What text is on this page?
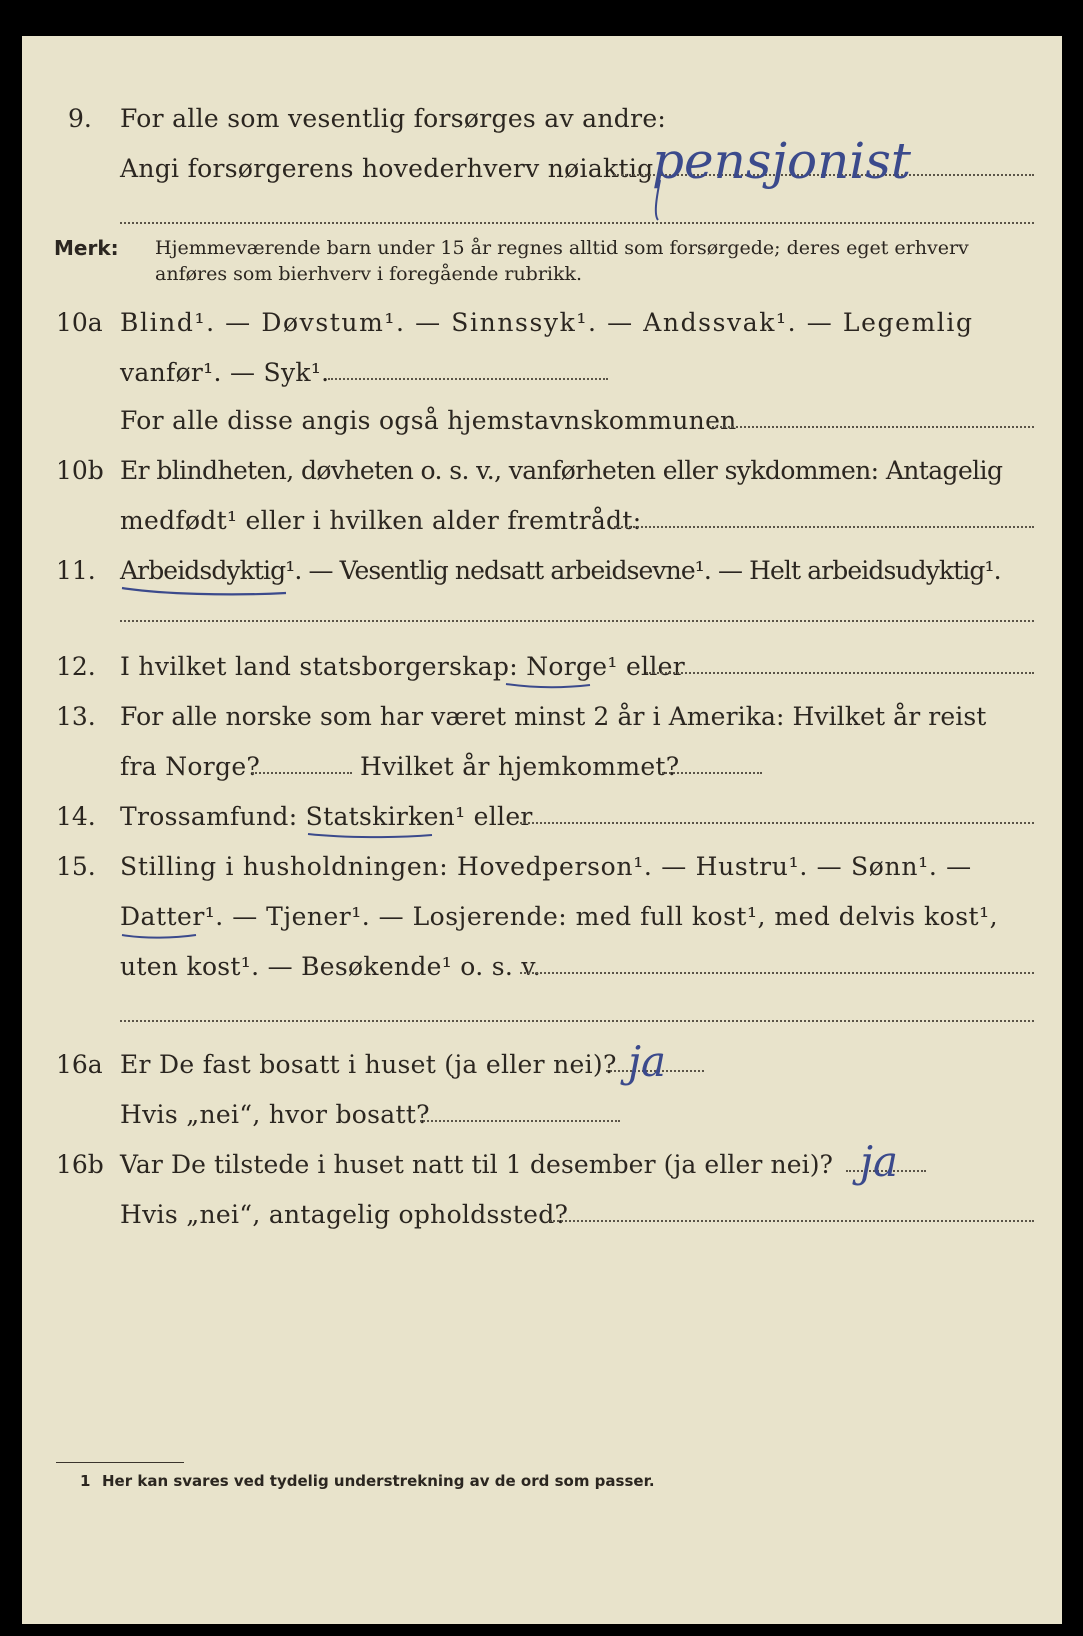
9. For alle som vesentlig forsørges av andre:
Angi forsørgerens hovederhverv nøiaktig
pensjonist
Merk: Hjemmeværende barn under 15 år regnes alltid som forsørgede; deres eget erhverv
anføres som bierhverv i foregående rubrikk.
10a Blind¹. — Døvstum¹. — Sinnssyk¹. — Andssvak¹. — Legemlig
vanfør¹. — Syk¹.
For alle disse angis også hjemstavnskommunen
10b Er blindheten, døvheten o. s. v., vanførheten eller sykdommen: Antagelig
medfødt¹ eller i hvilken alder fremtrådt:
11. Arbeidsdyktig¹. — Vesentlig nedsatt arbeidsevne¹. — Helt arbeidsudyktig¹.
12. I hvilket land statsborgerskap: Norge¹ eller
13. For alle norske som har været minst 2 år i Amerika: Hvilket år reist
fra Norge?	Hvilket år hjemkommet?
14. Trossamfund: Statskirken¹ eller
15. Stilling i husholdningen: Hovedperson¹. — Hustru¹. — Sønn¹. —
Datter¹. — Tjener¹. — Losjerende: med full kost¹, med delvis kost¹,
uten kost¹. — Besøkende¹ o. s. v.
16a Er De fast bosatt i huset (ja eller nei)? ja
Hvis „nei“, hvor bosatt?
16b Var De tilstede i huset natt til 1 desember (ja eller nei)? ja
Hvis „nei“, antagelig opholdssted?
1 Her kan svares ved tydelig understrekning av de ord som passer.
